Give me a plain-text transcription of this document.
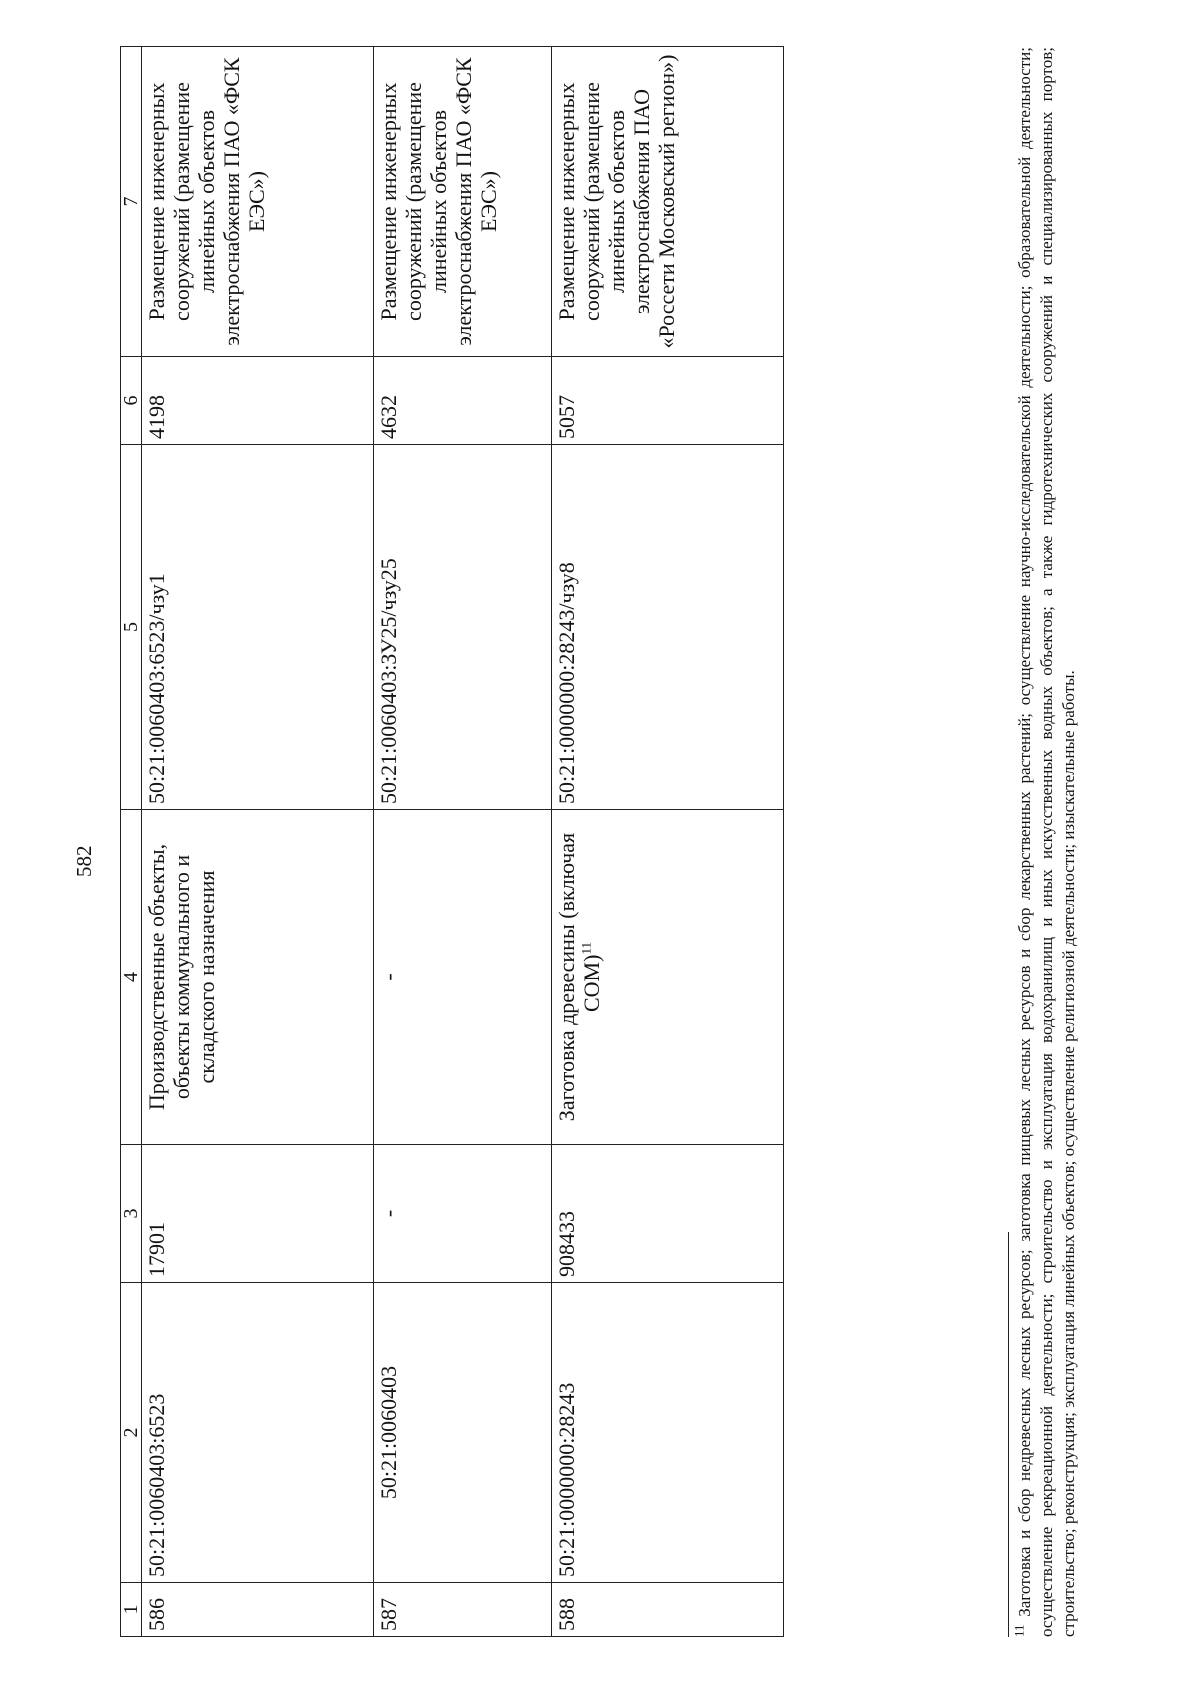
582
1	2	3	4	5	6	7
586	50:21:0060403:6523	17901	Производственные объекты, объекты коммунального и складского назначения	50:21:0060403:6523/чзу1	4198	Размещение инженерных сооружений (размещение линейных объектов электроснабжения ПАО «ФСК ЕЭС»)
587	50:21:0060403	-	-	50:21:0060403:ЗУ25/чзу25	4632	Размещение инженерных сооружений (размещение линейных объектов электроснабжения ПАО «ФСК ЕЭС»)
588	50:21:0000000:28243	908433	Заготовка древесины (включая СОМ)$^{11}$	50:21:0000000:28243/чзу8	5057	Размещение инженерных сооружений (размещение линейных объектов электроснабжения ПАО «Россети Московский регион»)
$^{11}$ Заготовка и сбор недревесных лесных ресурсов; заготовка пищевых лесных ресурсов и сбор лекарственных растений; осуществление научно-исследовательской деятельности; образовательной деятельности; осуществление рекреационной деятельности; строительство и эксплуатация водохранилищ и иных искусственных водных объектов; а также гидротехнических сооружений и специализированных портов; строительство; реконструкция; эксплуатация линейных объектов; осуществление религиозной деятельности; изыскательные работы.
